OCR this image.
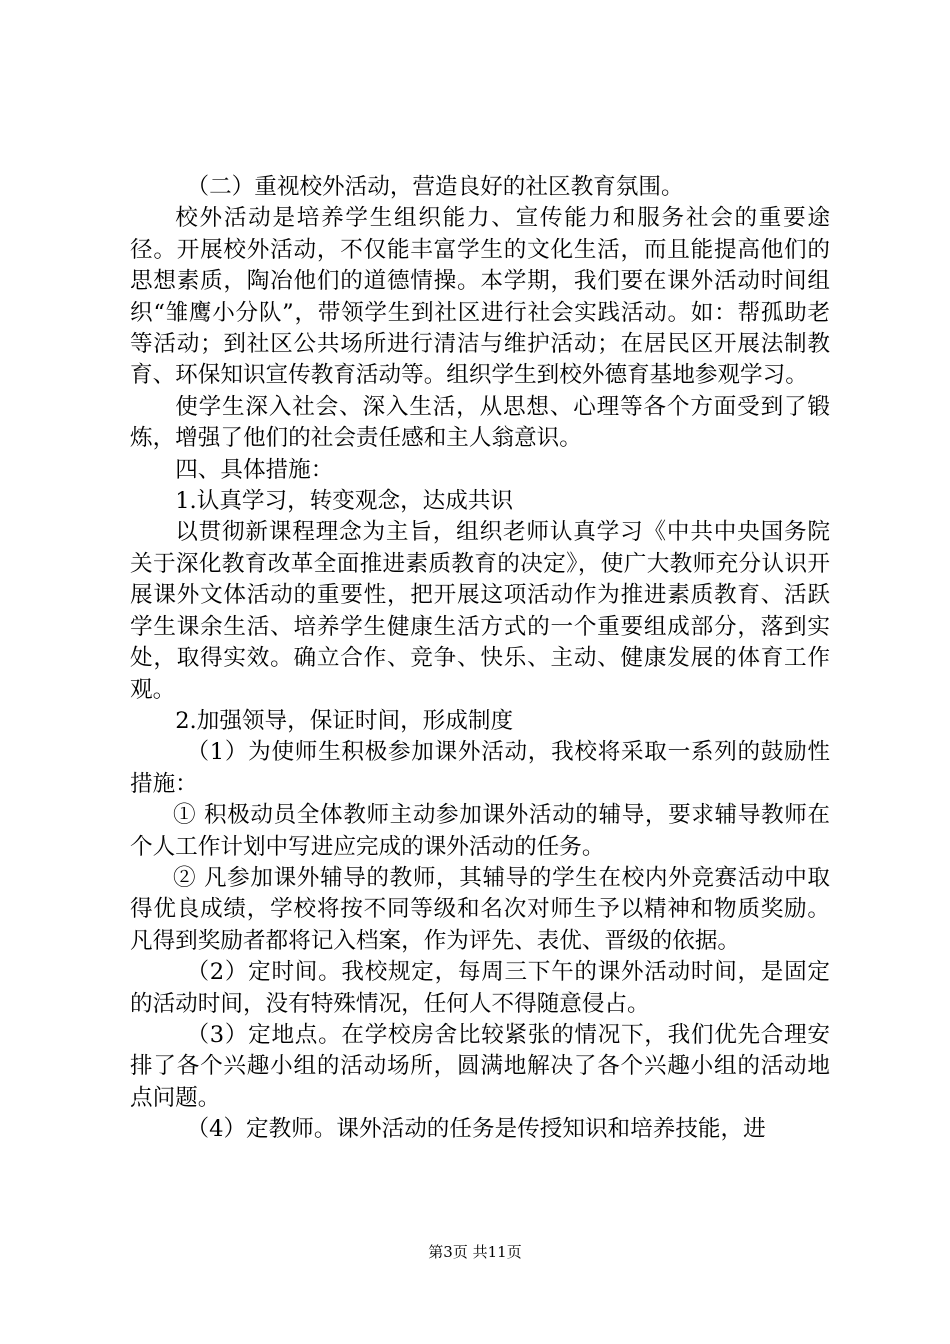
（二）重视校外活动，营造良好的社区教育氛围。

校外活动是培养学生组织能力、宣传能力和服务社会的重要途径。开展校外活动，不仅能丰富学生的文化生活，而且能提高他们的思想素质，陶冶他们的道德情操。本学期，我们要在课外活动时间组织“雏鹰小分队”，带领学生到社区进行社会实践活动。如：帮孤助老等活动；到社区公共场所进行清洁与维护活动；在居民区开展法制教育、环保知识宣传教育活动等。组织学生到校外德育基地参观学习。

使学生深入社会、深入生活，从思想、心理等各个方面受到了锻炼，增强了他们的社会责任感和主人翁意识。

四、具体措施：

1.认真学习，转变观念，达成共识

以贯彻新课程理念为主旨，组织老师认真学习《中共中央国务院关于深化教育改革全面推进素质教育的决定》，使广大教师充分认识开展课外文体活动的重要性，把开展这项活动作为推进素质教育、活跃学生课余生活、培养学生健康生活方式的一个重要组成部分，落到实处，取得实效。确立合作、竞争、快乐、主动、健康发展的体育工作观。

2.加强领导，保证时间，形成制度

（1）为使师生积极参加课外活动，我校将采取一系列的鼓励性措施：

① 积极动员全体教师主动参加课外活动的辅导，要求辅导教师在个人工作计划中写进应完成的课外活动的任务。

② 凡参加课外辅导的教师，其辅导的学生在校内外竞赛活动中取得优良成绩，学校将按不同等级和名次对师生予以精神和物质奖励。凡得到奖励者都将记入档案，作为评先、表优、晋级的依据。

（2）定时间。我校规定，每周三下午的课外活动时间，是固定的活动时间，没有特殊情况，任何人不得随意侵占。

（3）定地点。在学校房舍比较紧张的情况下，我们优先合理安排了各个兴趣小组的活动场所，圆满地解决了各个兴趣小组的活动地点问题。

（4）定教师。课外活动的任务是传授知识和培养技能，进

第3页 共11页
